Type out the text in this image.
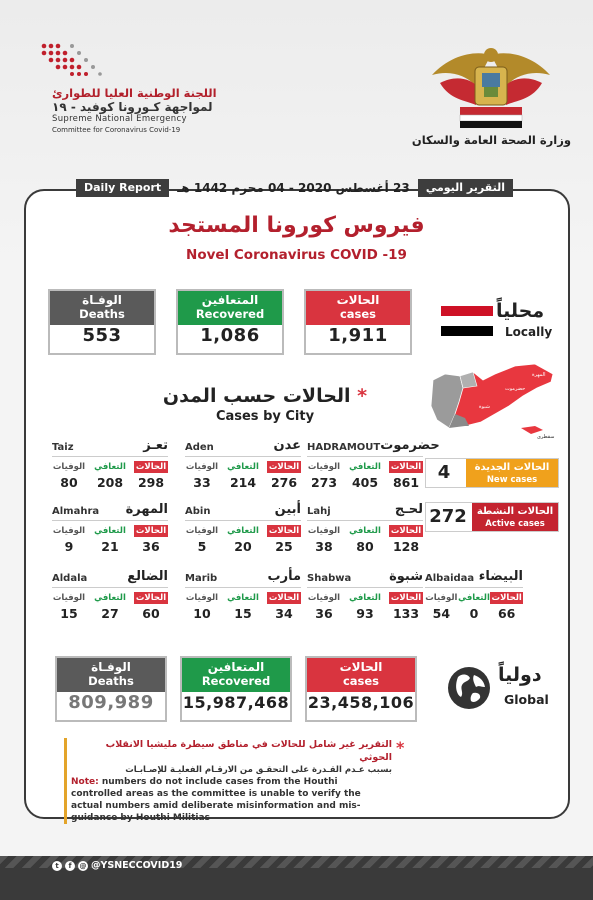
اللجنة الوطنية العليا للطوارئ
لمواجهة كـورونا كوفيد - ١٩
Supreme National Emergency
Committee for Coronavirus Covid-19
وزارة الصحة العامة والسكان
Daily Report	23 أغسطس 2020 - 04 محرم 1442 هـ	التقرير اليومي
فيروس كورونا المستجد
Novel Coronavirus COVID -19
الوفـاة
Deaths
553
المتعافين
Recovered
1,086
الحالات
cases
1,911
محلياً
Locally
* الحالات حسب المدن
Cases by City
Taiz	تعـز
الوفيات التعافي الحالات
80	208	298
Aden	عدن
الوفيات التعافي الحالات
33	214	276
HADRAMOUT حضرموت
الوفيات التعافي الحالات
273	405	861
Almahra المهرة
الوفيات التعافي الحالات
9	21	36
Abin	أبين
الوفيات التعافي الحالات
5	20	25
Lahj	لحـج
الوفيات التعافي الحالات
38	80	128
Aldala	الضالع
الوفيات التعافي الحالات
15	27	60
Marib	مأرب
الوفيات التعافي الحالات
10	15	34
Shabwa	شبوة
الوفيات التعافي الحالات
36	93	133
Albaidaa البيضاء
الوفيات التعافي الحالات
54	0	66
المهرة
حضرموت
شبوة
سقطرى
4	الحالات الجديدة
New cases
272	الحالات النشطة
Active cases
الوفـاة
Deaths
809,989
المتعافين
Recovered
15,987,468
الحالات
cases
23,458,106
دولياً
Global
*
التقرير غير شامل للحالات في مناطق سيطرة مليشيا الانقلاب الحوثي
بسبب عـدم القـدرة على التحقـق من الارقـام الفعليـة للإصـابـات
Note: numbers do not include cases from the Houthi controlled areas as the committee is unable to verify the actual numbers amid deliberate misinformation and mis-guidance by Houthi Militias
t	f	@ @YSNECCOVID19
